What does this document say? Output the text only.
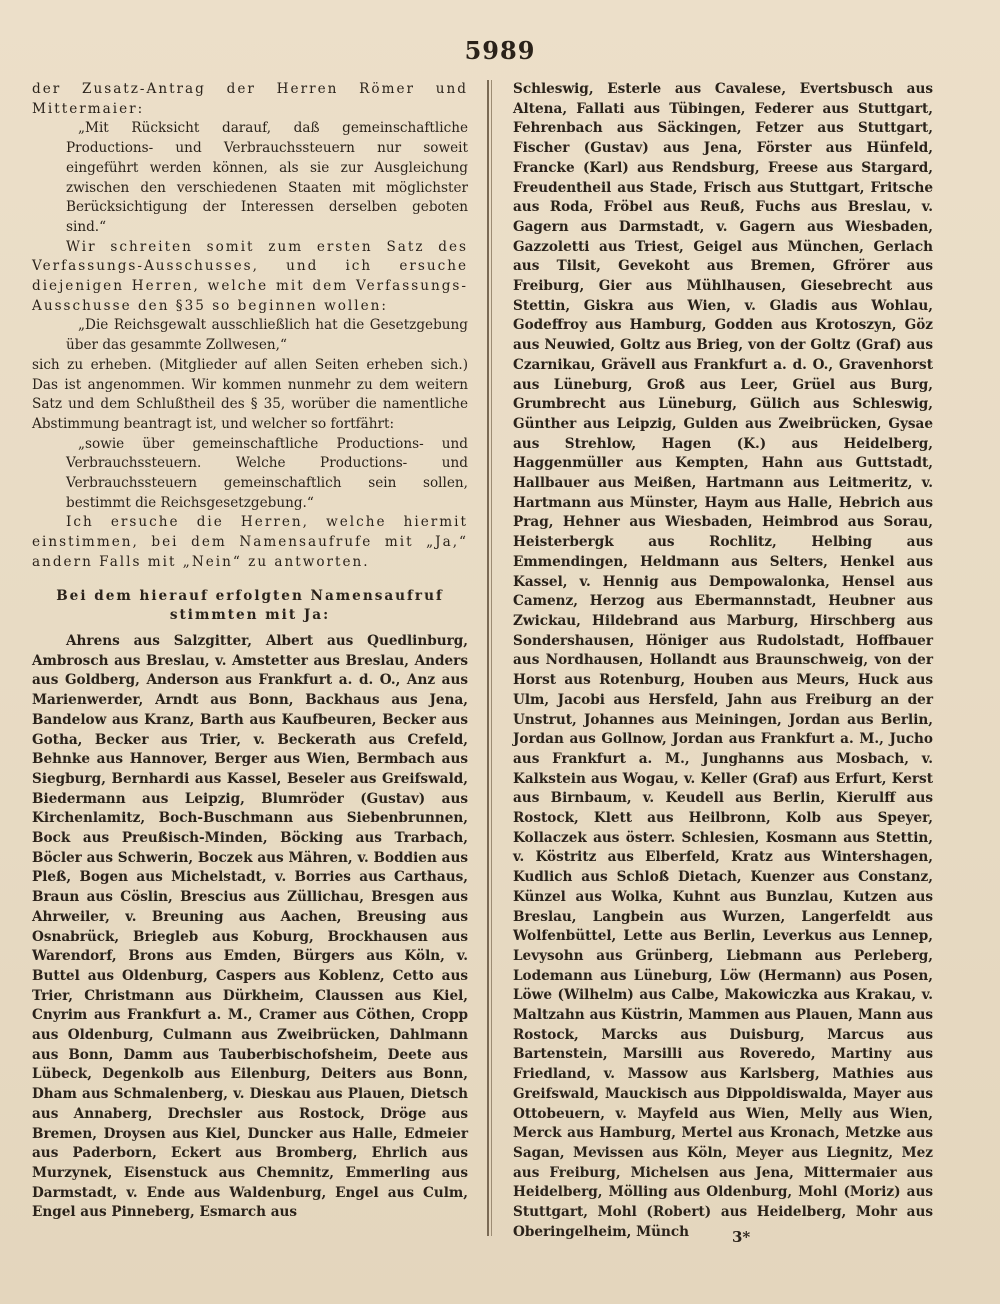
5989

der Zusatz-Antrag der Herren Römer und Mittermaier:

„Mit Rücksicht darauf, daß gemeinschaftliche Productions- und Verbrauchssteuern nur soweit eingeführt werden können, als sie zur Ausgleichung zwischen den verschiedenen Staaten mit möglichster Berücksichtigung der Interessen derselben geboten sind.“

Wir schreiten somit zum ersten Satz des Verfassungs-Ausschusses, und ich ersuche diejenigen Herren, welche mit dem Verfassungs-Ausschusse den §35 so beginnen wollen:

„Die Reichsgewalt ausschließlich hat die Gesetzgebung über das gesammte Zollwesen,“

sich zu erheben. (Mitglieder auf allen Seiten erheben sich.) Das ist angenommen. Wir kommen nunmehr zu dem weitern Satz und dem Schlußtheil des § 35, worüber die namentliche Abstimmung beantragt ist, und welcher so fortfährt:

„sowie über gemeinschaftliche Productions- und Verbrauchssteuern. Welche Productions- und Verbrauchssteuern gemeinschaftlich sein sollen, bestimmt die Reichsgesetzgebung.“

Ich ersuche die Herren, welche hiermit einstimmen, bei dem Namensaufrufe mit „Ja,“ andern Falls mit „Nein“ zu antworten.

Bei dem hierauf erfolgten Namensaufruf stimmten mit Ja:

Ahrens aus Salzgitter, Albert aus Quedlinburg, Ambrosch aus Breslau, v. Amstetter aus Breslau, Anders aus Goldberg, Anderson aus Frankfurt a. d. O., Anz aus Marienwerder, Arndt aus Bonn, Backhaus aus Jena, Bandelow aus Kranz, Barth aus Kaufbeuren, Becker aus Gotha, Becker aus Trier, v. Beckerath aus Crefeld, Behnke aus Hannover, Berger aus Wien, Bermbach aus Siegburg, Bernhardi aus Kassel, Beseler aus Greifswald, Biedermann aus Leipzig, Blumröder (Gustav) aus Kirchenlamitz, Boch-Buschmann aus Siebenbrunnen, Bock aus Preußisch-Minden, Böcking aus Trarbach, Böcler aus Schwerin, Boczek aus Mähren, v. Boddien aus Pleß, Bogen aus Michelstadt, v. Borries aus Carthaus, Braun aus Cöslin, Brescius aus Züllichau, Bresgen aus Ahrweiler, v. Breuning aus Aachen, Breusing aus Osnabrück, Briegleb aus Koburg, Brockhausen aus Warendorf, Brons aus Emden, Bürgers aus Köln, v. Buttel aus Oldenburg, Caspers aus Koblenz, Cetto aus Trier, Christmann aus Dürkheim, Claussen aus Kiel, Cnyrim aus Frankfurt a. M., Cramer aus Cöthen, Cropp aus Oldenburg, Culmann aus Zweibrücken, Dahlmann aus Bonn, Damm aus Tauberbischofsheim, Deete aus Lübeck, Degenkolb aus Eilenburg, Deiters aus Bonn, Dham aus Schmalenberg, v. Dieskau aus Plauen, Dietsch aus Annaberg, Drechsler aus Rostock, Dröge aus Bremen, Droysen aus Kiel, Duncker aus Halle, Edmeier aus Paderborn, Eckert aus Bromberg, Ehrlich aus Murzynek, Eisenstuck aus Chemnitz, Emmerling aus Darmstadt, v. Ende aus Waldenburg, Engel aus Culm, Engel aus Pinneberg, Esmarch aus

Schleswig, Esterle aus Cavalese, Evertsbusch aus Altena, Fallati aus Tübingen, Federer aus Stuttgart, Fehrenbach aus Säckingen, Fetzer aus Stuttgart, Fischer (Gustav) aus Jena, Förster aus Hünfeld, Francke (Karl) aus Rendsburg, Freese aus Stargard, Freudentheil aus Stade, Frisch aus Stuttgart, Fritsche aus Roda, Fröbel aus Reuß, Fuchs aus Breslau, v. Gagern aus Darmstadt, v. Gagern aus Wiesbaden, Gazzoletti aus Triest, Geigel aus München, Gerlach aus Tilsit, Gevekoht aus Bremen, Gfrörer aus Freiburg, Gier aus Mühlhausen, Giesebrecht aus Stettin, Giskra aus Wien, v. Gladis aus Wohlau, Godeffroy aus Hamburg, Godden aus Krotoszyn, Göz aus Neuwied, Goltz aus Brieg, von der Goltz (Graf) aus Czarnikau, Grävell aus Frankfurt a. d. O., Gravenhorst aus Lüneburg, Groß aus Leer, Grüel aus Burg, Grumbrecht aus Lüneburg, Gülich aus Schleswig, Günther aus Leipzig, Gulden aus Zweibrücken, Gysae aus Strehlow, Hagen (K.) aus Heidelberg, Haggenmüller aus Kempten, Hahn aus Guttstadt, Hallbauer aus Meißen, Hartmann aus Leitmeritz, v. Hartmann aus Münster, Haym aus Halle, Hebrich aus Prag, Hehner aus Wiesbaden, Heimbrod aus Sorau, Heisterbergk aus Rochlitz, Helbing aus Emmendingen, Heldmann aus Selters, Henkel aus Kassel, v. Hennig aus Dempowalonka, Hensel aus Camenz, Herzog aus Ebermannstadt, Heubner aus Zwickau, Hildebrand aus Marburg, Hirschberg aus Sondershausen, Höniger aus Rudolstadt, Hoffbauer aus Nordhausen, Hollandt aus Braunschweig, von der Horst aus Rotenburg, Houben aus Meurs, Huck aus Ulm, Jacobi aus Hersfeld, Jahn aus Freiburg an der Unstrut, Johannes aus Meiningen, Jordan aus Berlin, Jordan aus Gollnow, Jordan aus Frankfurt a. M., Jucho aus Frankfurt a. M., Junghanns aus Mosbach, v. Kalkstein aus Wogau, v. Keller (Graf) aus Erfurt, Kerst aus Birnbaum, v. Keudell aus Berlin, Kierulff aus Rostock, Klett aus Heilbronn, Kolb aus Speyer, Kollaczek aus österr. Schlesien, Kosmann aus Stettin, v. Köstritz aus Elberfeld, Kratz aus Wintershagen, Kudlich aus Schloß Dietach, Kuenzer aus Constanz, Künzel aus Wolka, Kuhnt aus Bunzlau, Kutzen aus Breslau, Langbein aus Wurzen, Langerfeldt aus Wolfenbüttel, Lette aus Berlin, Leverkus aus Lennep, Levysohn aus Grünberg, Liebmann aus Perleberg, Lodemann aus Lüneburg, Löw (Hermann) aus Posen, Löwe (Wilhelm) aus Calbe, Makowiczka aus Krakau, v. Maltzahn aus Küstrin, Mammen aus Plauen, Mann aus Rostock, Marcks aus Duisburg, Marcus aus Bartenstein, Marsilli aus Roveredo, Martiny aus Friedland, v. Massow aus Karlsberg, Mathies aus Greifswald, Mauckisch aus Dippoldiswalda, Mayer aus Ottobeuern, v. Mayfeld aus Wien, Melly aus Wien, Merck aus Hamburg, Mertel aus Kronach, Metzke aus Sagan, Mevissen aus Köln, Meyer aus Liegnitz, Mez aus Freiburg, Michelsen aus Jena, Mittermaier aus Heidelberg, Mölling aus Oldenburg, Mohl (Moriz) aus Stuttgart, Mohl (Robert) aus Heidelberg, Mohr aus Oberingelheim, Münch	3*
